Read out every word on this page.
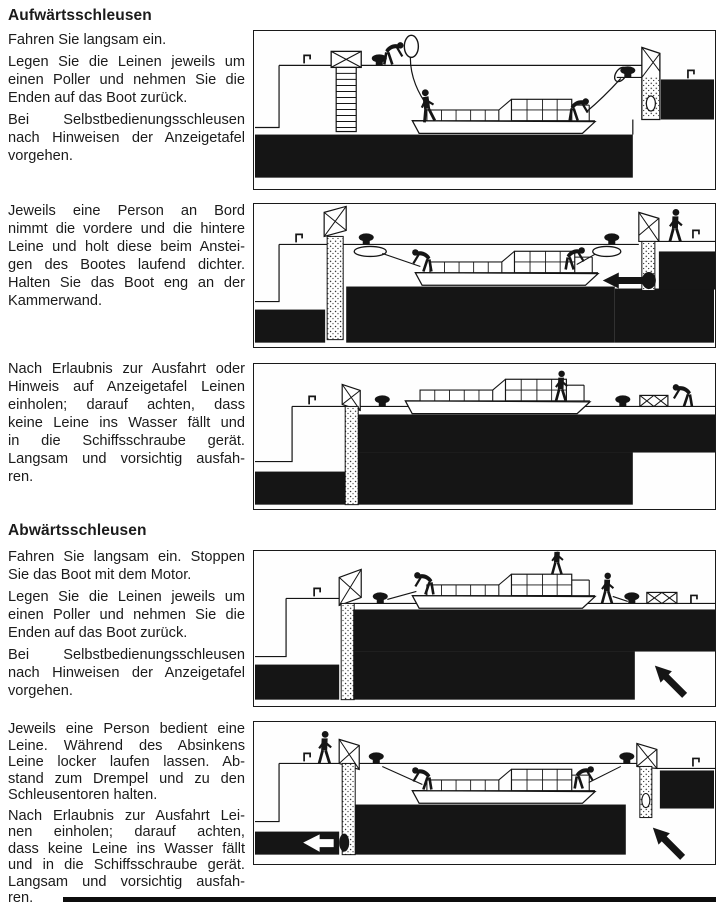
Aufwärtsschleusen

Fahren Sie langsam ein.

Legen Sie die Leinen jeweils um
einen Poller und nehmen Sie die
Enden auf das Boot zurück.

Bei Selbstbedienungsschleusen
nach Hinweisen der Anzeigetafel
vorgehen.

Jeweils eine Person an Bord
nimmt die vordere und die hintere
Leine und holt diese beim Anstei-
gen des Bootes laufend dichter.
Halten Sie das Boot eng an der
Kammerwand.

Nach Erlaubnis zur Ausfahrt oder
Hinweis auf Anzeigetafel Leinen
einholen; darauf achten, dass
keine Leine ins Wasser fällt und
in die Schiffsschraube gerät.
Langsam und vorsichtig ausfah-
ren.

Abwärtsschleusen

Fahren Sie langsam ein. Stoppen
Sie das Boot mit dem Motor.

Legen Sie die Leinen jeweils um
einen Poller und nehmen Sie die
Enden auf das Boot zurück.

Bei Selbstbedienungsschleusen
nach Hinweisen der Anzeigetafel
vorgehen.

Jeweils eine Person bedient eine
Leine. Während des Absinkens
Leine locker laufen lassen. Ab-
stand zum Drempel und zu den
Schleusentoren halten.

Nach Erlaubnis zur Ausfahrt Lei-
nen einholen; darauf achten,
dass keine Leine ins Wasser fällt
und in die Schiffsschraube gerät.
Langsam und vorsichtig ausfah-
ren.
